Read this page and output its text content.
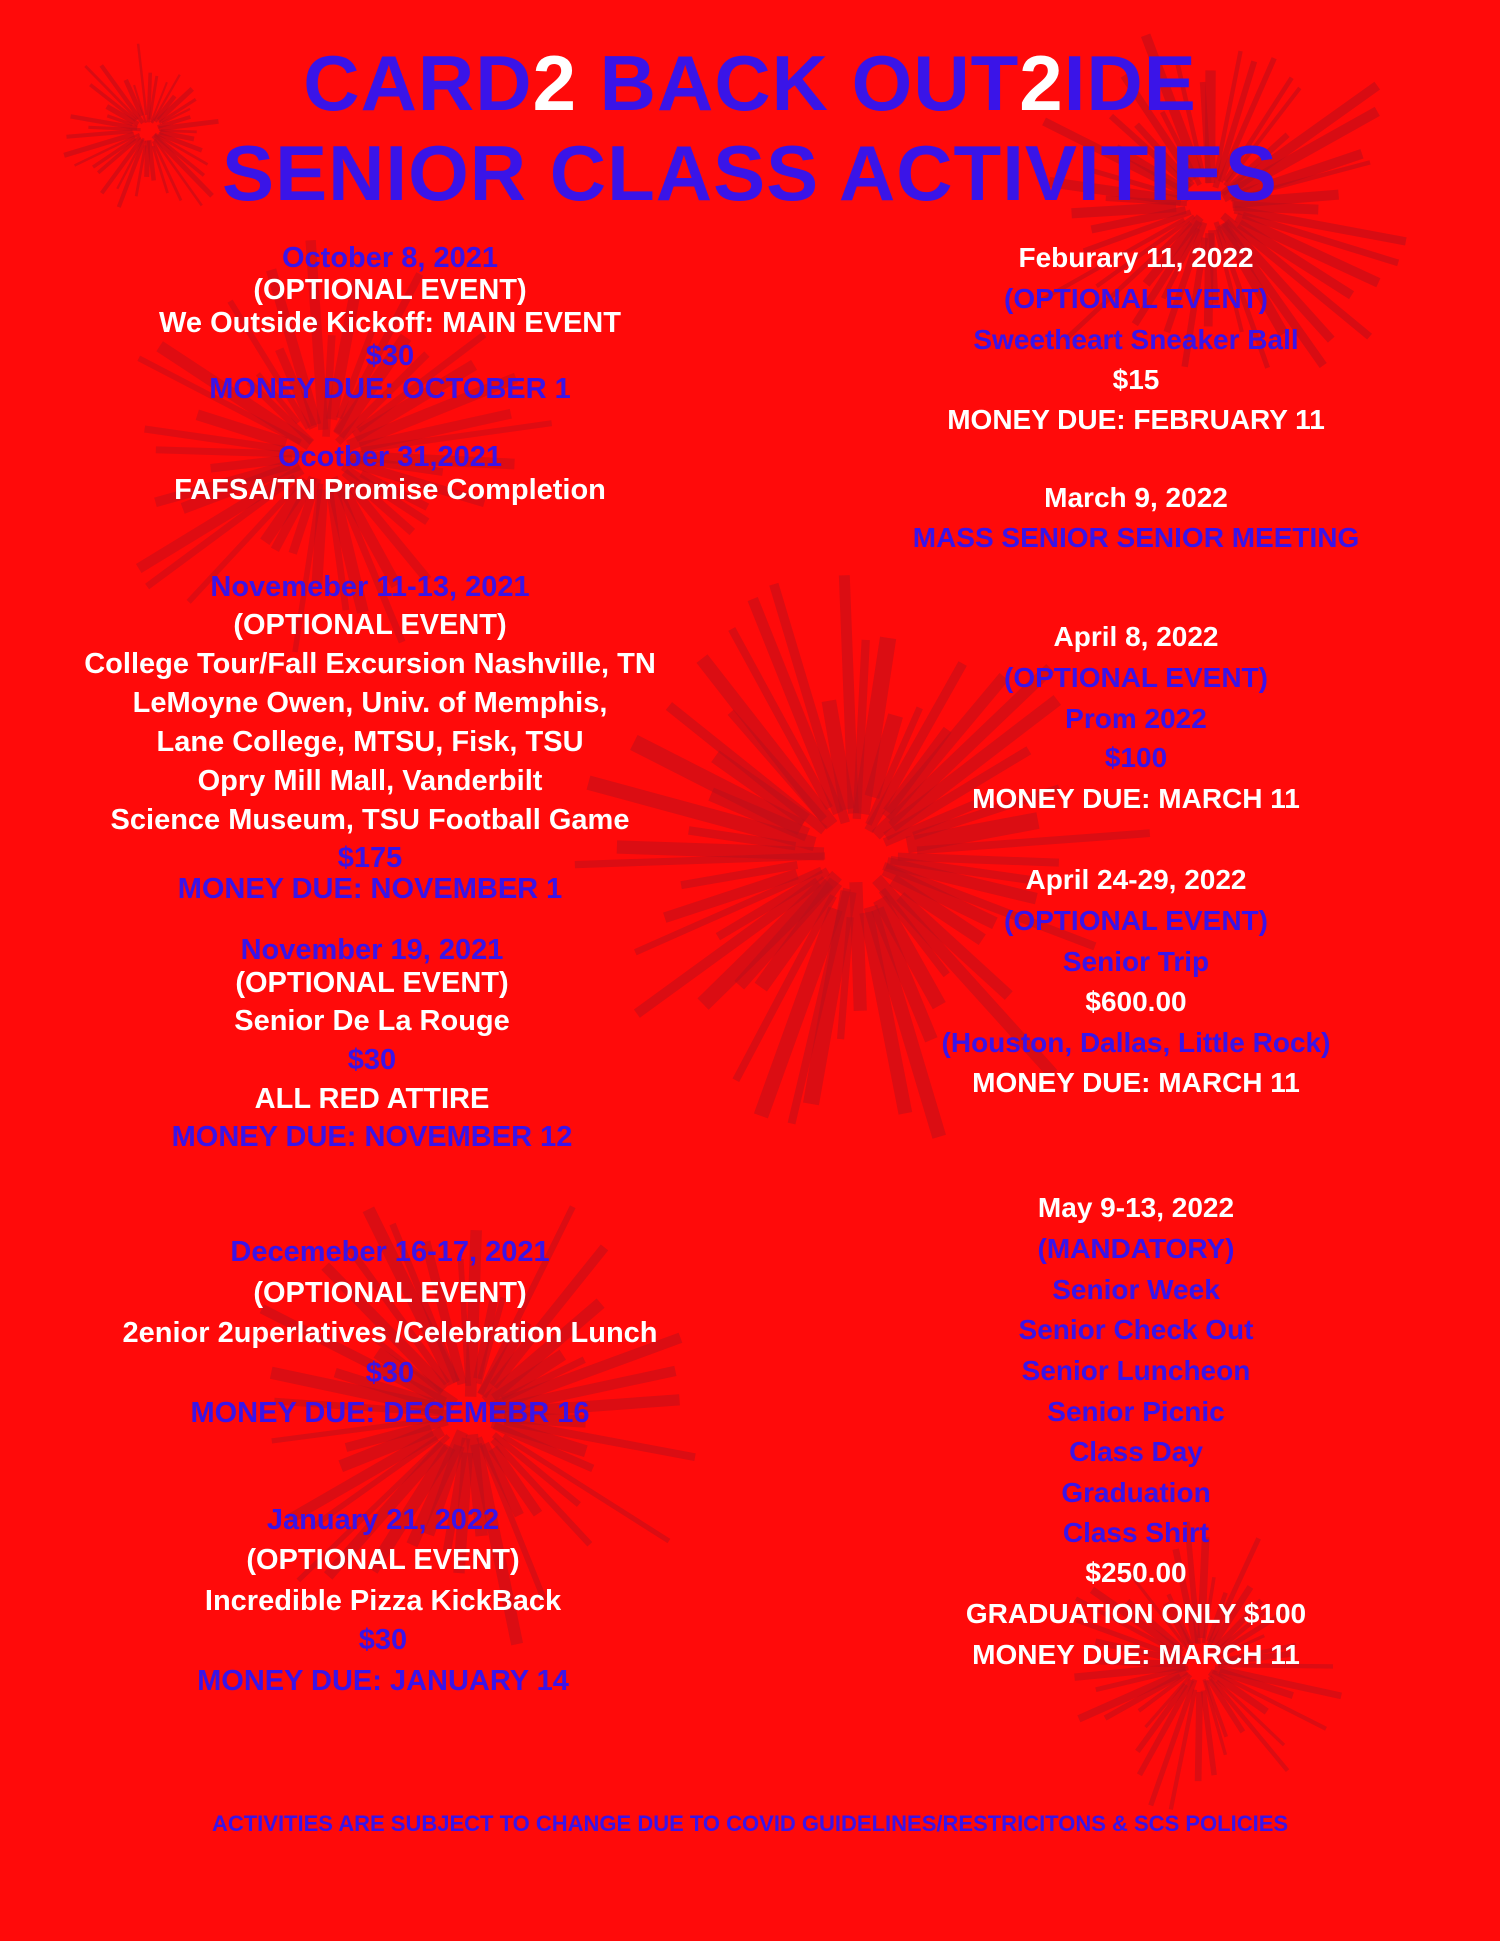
CARD2 BACK OUT2IDE
SENIOR CLASS ACTIVITIES
October 8, 2021
(OPTIONAL EVENT)
We Outside Kickoff: MAIN EVENT
$30
MONEY DUE: OCTOBER 1
Ocotber 31,2021
FAFSA/TN Promise Completion
Novemeber 11-13, 2021
(OPTIONAL EVENT)
College Tour/Fall Excursion Nashville, TN
LeMoyne Owen, Univ. of Memphis,
Lane College, MTSU, Fisk, TSU
Opry Mill Mall, Vanderbilt
Science Museum, TSU Football Game
$175
MONEY DUE: NOVEMBER 1
November 19, 2021
(OPTIONAL EVENT)
Senior De La Rouge
$30
ALL RED ATTIRE
MONEY DUE: NOVEMBER 12
Decemeber 16-17, 2021
(OPTIONAL EVENT)
2enior 2uperlatives /Celebration Lunch
$30
MONEY DUE: DECEMEBR 16
January 21, 2022
(OPTIONAL EVENT)
Incredible Pizza KickBack
$30
MONEY DUE: JANUARY 14
Feburary 11, 2022
(OPTIONAL EVENT)
Sweetheart Sneaker Ball
$15
MONEY DUE: FEBRUARY 11
March 9, 2022
MASS SENIOR SENIOR MEETING
April 8, 2022
(OPTIONAL EVENT)
Prom 2022
$100
MONEY DUE: MARCH 11
April 24-29, 2022
(OPTIONAL EVENT)
Senior Trip
$600.00
(Houston, Dallas, Little Rock)
MONEY DUE: MARCH 11
May 9-13, 2022
(MANDATORY)
Senior Week
Senior Check Out
Senior Luncheon
Senior Picnic
Class Day
Graduation
Class Shirt
$250.00
GRADUATION ONLY $100
MONEY DUE: MARCH 11
ACTIVITIES ARE SUBJECT TO CHANGE DUE TO COVID GUIDELINES/RESTRICITONS & SCS POLICIES
